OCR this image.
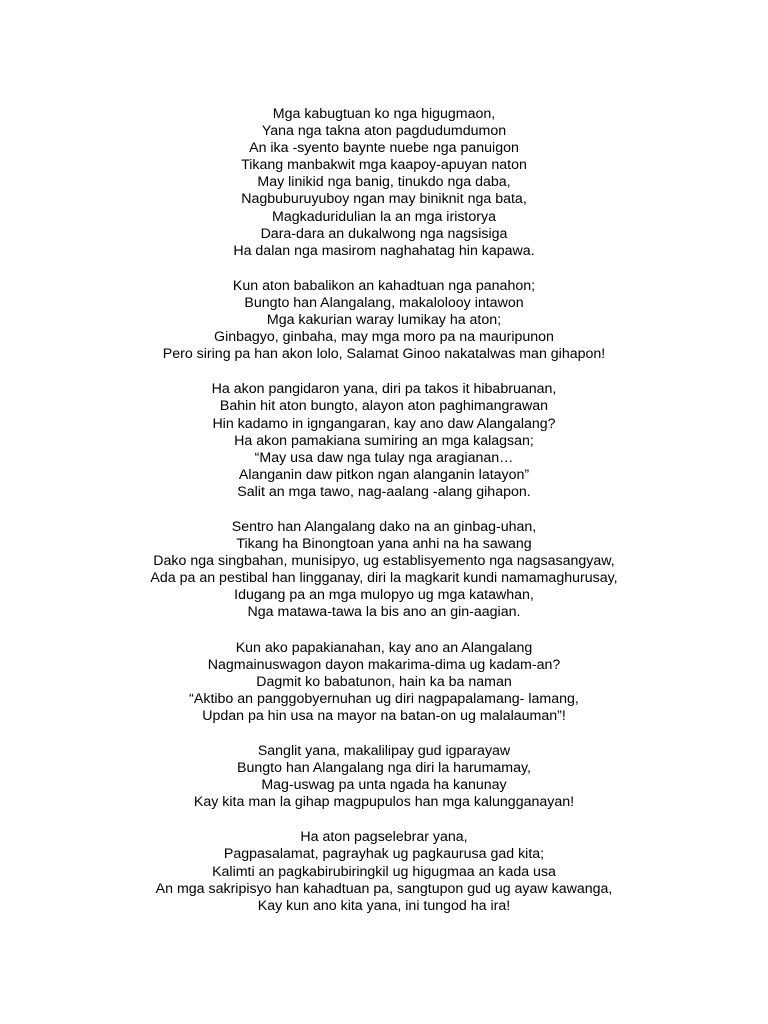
Mga kabugtuan ko nga higugmaon,
Yana nga takna aton pagdudumdumon
An ika -syento baynte nuebe nga panuigon
Tikang manbakwit mga kaapoy-apuyan naton
May linikid nga banig, tinukdo nga daba,
Nagbuburuyuboy ngan may biniknit nga bata,
Magkaduridulian la an mga iristorya
Dara-dara an dukalwong nga nagsisiga
Ha dalan nga masirom naghahatag hin kapawa.
Kun aton babalikon an kahadtuan nga panahon;
Bungto han Alangalang, makalolooy intawon
Mga kakurian waray lumikay ha aton;
Ginbagyo, ginbaha, may mga moro pa na mauripunon
Pero siring pa han akon lolo, Salamat Ginoo nakatalwas man gihapon!
Ha akon pangidaron yana, diri pa takos it hibabruanan,
Bahin hit aton bungto, alayon aton paghimangrawan
Hin kadamo in igngangaran, kay ano daw Alangalang?
Ha akon pamakiana sumiring an mga kalagsan;
“May usa daw nga tulay nga aragianan…
Alanganin daw pitkon ngan alanganin latayon”
Salit an mga tawo, nag-aalang -alang gihapon.
Sentro han Alangalang dako na an ginbag-uhan,
Tikang ha Binongtoan yana anhi na ha sawang
Dako nga singbahan, munisipyo, ug establisyemento nga nagsasangyaw,
Ada pa an pestibal han lingganay, diri la magkarit kundi namamaghurusay,
Idugang pa an mga mulopyo ug mga katawhan,
Nga matawa-tawa la bis ano an gin-aagian.
Kun ako papakianahan, kay ano an Alangalang
Nagmainuswagon dayon makarima-dima ug kadam-an?
Dagmit ko babatunon, hain ka ba naman
“Aktibo an panggobyernuhan ug diri nagpapalamang- lamang,
Updan pa hin usa na mayor na batan-on ug malalauman”!
Sanglit yana, makalilipay gud igparayaw
Bungto han Alangalang nga diri la harumamay,
Mag-uswag pa unta ngada ha kanunay
Kay kita man la gihap magpupulos han mga kalungganayan!
Ha aton pagselebrar yana,
Pagpasalamat, pagrayhak ug pagkaurusa gad kita;
Kalimti an pagkabirubiringkil ug higugmaa an kada usa
An mga sakripisyo han kahadtuan pa, sangtupon gud ug ayaw kawanga,
Kay kun ano kita yana, ini tungod ha ira!
